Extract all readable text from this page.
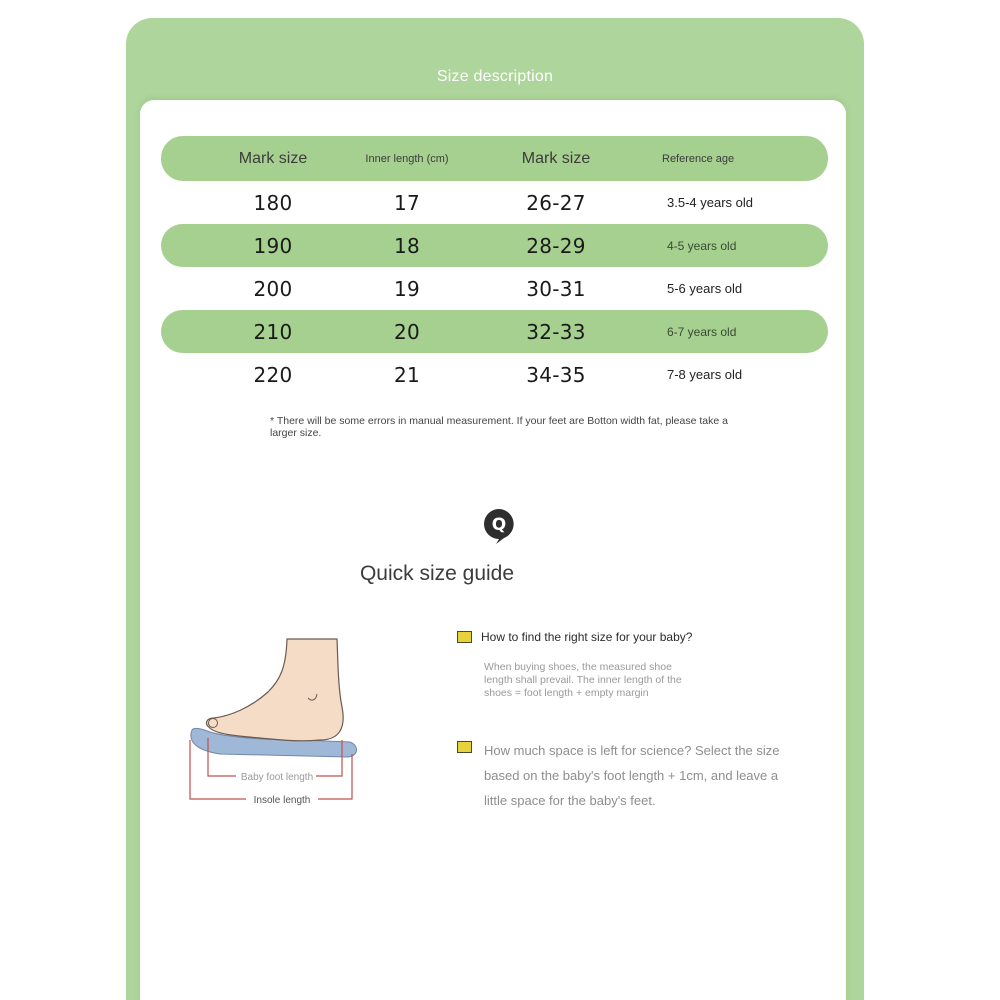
Size description
Mark size	Inner length (cm)	Mark size	Reference age
180	17	26-27	3.5-4 years old
190	18	28-29	4-5 years old
200	19	30-31	5-6 years old
210	20	32-33	6-7 years old
220	21	34-35	7-8 years old
* There will be some errors in manual measurement. If your feet are Botton width fat, please take a larger size.
Q
Quick size guide
Baby foot length
Insole length
How to find the right size for your baby?
When buying shoes, the measured shoe length shall prevail. The inner length of the shoes = foot length + empty margin
How much space is left for science? Select the size based on the baby's foot length + 1cm, and leave a little space for the baby's feet.
